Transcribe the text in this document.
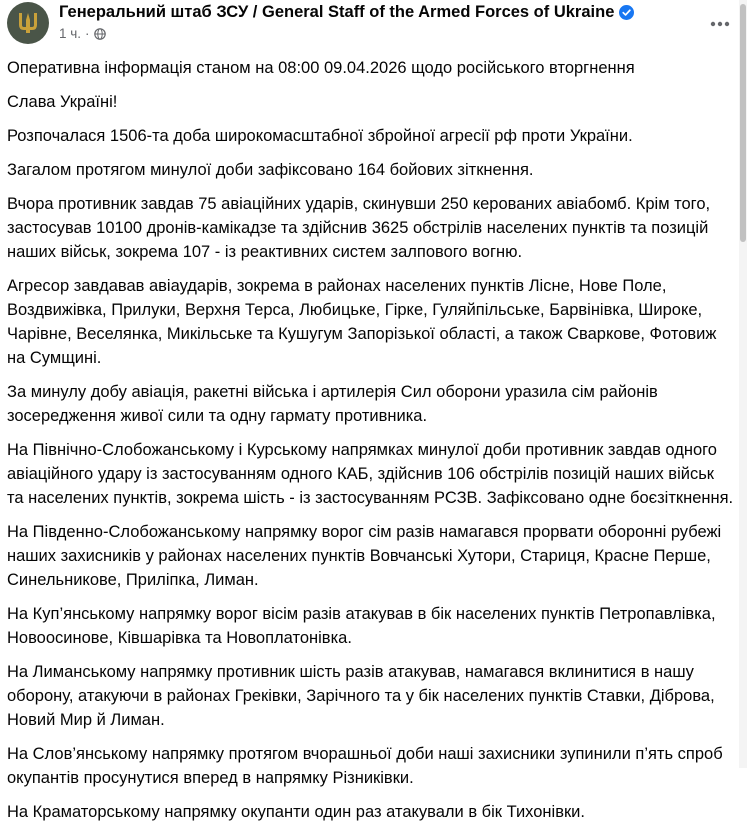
Генеральний штаб ЗСУ / General Staff of the Armed Forces of Ukraine
1 ч. ·

Оперативна інформація станом на 08:00 09.04.2026 щодо російського вторгнення

Слава Україні!

Розпочалася 1506-та доба широкомасштабної збройної агресії рф проти України.

Загалом протягом минулої доби зафіксовано 164 бойових зіткнення.

Вчора противник завдав 75 авіаційних ударів, скинувши 250 керованих авіабомб. Крім того, застосував 10100 дронів-камікадзе та здійснив 3625 обстрілів населених пунктів та позицій наших військ, зокрема 107 - із реактивних систем залпового вогню.

Агресор завдавав авіаударів, зокрема в районах населених пунктів Лісне, Нове Поле, Воздвижівка, Прилуки, Верхня Терса, Любицьке, Гірке, Гуляйпільське, Барвінівка, Широке, Чарівне, Веселянка, Микільське та Кушугум Запорізької області, а також Сваркове, Фотовиж на Сумщині.

За минулу добу авіація, ракетні війська і артилерія Сил оборони уразила сім районів зосередження живої сили та одну гармату противника.

На Північно-Слобожанському і Курському напрямках минулої доби противник завдав одного авіаційного удару із застосуванням одного КАБ, здійснив 106 обстрілів позицій наших військ та населених пунктів, зокрема шість - із застосуванням РСЗВ. Зафіксовано одне боєзіткнення.

На Південно-Слобожанському напрямку ворог сім разів намагався прорвати оборонні рубежі наших захисників у районах населених пунктів Вовчанські Хутори, Стариця, Красне Перше, Синельникове, Приліпка, Лиман.

На Куп’янському напрямку ворог вісім разів атакував в бік населених пунктів Петропавлівка, Новоосинове, Ківшарівка та Новоплатонівка.

На Лиманському напрямку противник шість разів атакував, намагався вклинитися в нашу оборону, атакуючи в районах Греківки, Зарічного та у бік населених пунктів Ставки, Діброва, Новий Мир й Лиман.

На Слов’янському напрямку протягом вчорашньої доби наші захисники зупинили п’ять спроб окупантів просунутися вперед в напрямку Різниківки.

На Краматорському напрямку окупанти один раз атакували в бік Тихонівки.
